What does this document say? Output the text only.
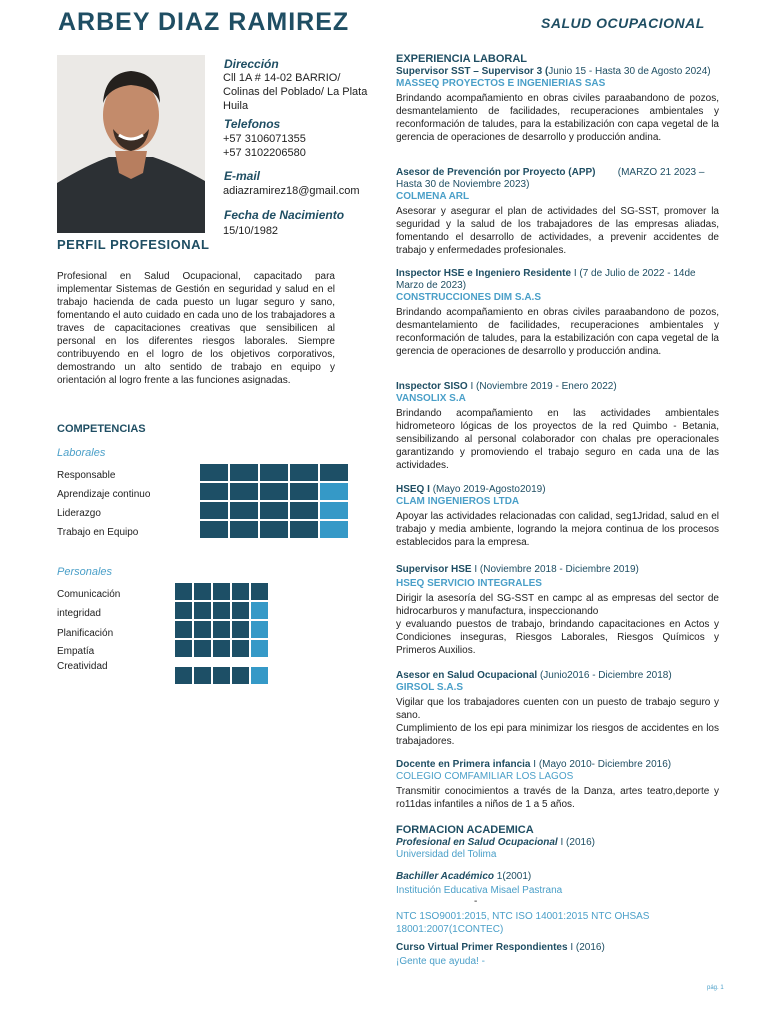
ARBEY DIAZ RAMIREZ	SALUD OCUPACIONAL
Dirección
Cll 1A # 14-02 BARRIO/
Colinas del Poblado/ La Plata
Huila
Telefonos
+57 3106071355
+57 3102206580
E-mail
adiazramirez18@gmail.com
Fecha de Nacimiento
15/10/1982
PERFIL PROFESIONAL
Profesional en Salud Ocupacional, capacitado para implementar Sistemas de Gestión en seguridad y salud en el trabajo hacienda de cada puesto un lugar seguro y sano, fomentando el auto cuidado en cada uno de los trabajadores a traves de capacitaciones creativas que sensibilicen al personal en los diferentes riesgos laborales. Siempre contribuyendo en el logro de los objetivos corporativos, demostrando un alto sentido de trabajo en equipo y orientación al logro frente a las funciones asignadas.
COMPETENCIAS
Laborales
Responsable
Aprendizaje continuo
Liderazgo
Trabajo en Equipo
Personales
Comunicación
integridad
Planificación
Empatía
Creatividad
EXPERIENCIA LABORAL
Supervisor SST – Supervisor 3 (Junio 15 - Hasta 30 de Agosto 2024)
MASSEQ PROYECTOS E INGENIERIAS SAS
Brindando acompañamiento en obras civiles paraabandono de pozos, desmantelamiento de facilidades, recuperaciones ambientales y reconformación de taludes, para la estabilización con capa vegetal de la gerencia de operaciones de desarrollo y producción andina.
Asesor de Prevención por Proyecto (APP) (MARZO 21 2023 – Hasta 30 de Noviembre 2023)
COLMENA ARL
Asesorar y asegurar el plan de actividades del SG-SST, promover la seguridad y la salud de los trabajadores de las empresas aliadas, fomentando el desarrollo de actividades, a prevenir accidentes de trabajo y enfermedades profesionales.
Inspector HSE e Ingeniero Residente I (7 de Julio de 2022 - 14de Marzo de 2023)
CONSTRUCCIONES DIM S.A.S
Brindando acompañamiento en obras civiles paraabandono de pozos, desmantelamiento de facilidades, recuperaciones ambientales y reconformación de taludes, para la estabilización con capa vegetal de la gerencia de operaciones de desarrollo y producción andina.
Inspector SISO I (Noviembre 2019 - Enero 2022)
VANSOLIX S.A
Brindando acompañamiento en las actividades ambientales hidrometeoro lógicas de los proyectos de la red Quimbo - Betania, sensibilizando al personal colaborador con chalas pre operacionales garantizando y promoviendo el trabajo seguro en cada una de las actividades.
HSEQ I (Mayo 2019-Agosto2019)
CLAM INGENIEROS LTDA
Apoyar las actividades relacionadas con calidad, seg1Jridad, salud en el trabajo y media ambiente, logrando la mejora continua de los procesos establecidos para la empresa.
Supervisor HSE I (Noviembre 2018 - Diciembre 2019)
HSEQ SERVICIO INTEGRALES
Dirigir la asesoría del SG-SST en campc al as empresas del sector de hidrocarburos y manufactura, inspeccionando
y evaluando puestos de trabajo, brindando capacitaciones en Actos y Condiciones inseguras, Riesgos Laborales, Riesgos Químicos y Primeros Auxilios.
Asesor en Salud Ocupacional (Junio2016 - Diciembre 2018)
GIRSOL S.A.S
Vigilar que los trabajadores cuenten con un puesto de trabajo seguro y sano.
Cumplimiento de los epi para minimizar los riesgos de accidentes en los trabajadores.
Docente en Primera infancia I (Mayo 2010- Diciembre 2016)
COLEGIO COMFAMILIAR LOS LAGOS
Transmitir conocimientos a través de la Danza, artes teatro,deporte y ro11das infantiles a niños de 1 a 5 años.
FORMACION ACADEMICA
Profesional en Salud Ocupacional I (2016)
Universidad del Tolima
Bachiller Académico 1(2001)
Institución Educativa Misael Pastrana
-
NTC 1SO9001:2015, NTC ISO 14001:2015 NTC OHSAS 18001:2007(1CONTEC)
Curso Virtual Primer Respondientes I (2016)
¡Gente que ayuda! -
pág. 1
